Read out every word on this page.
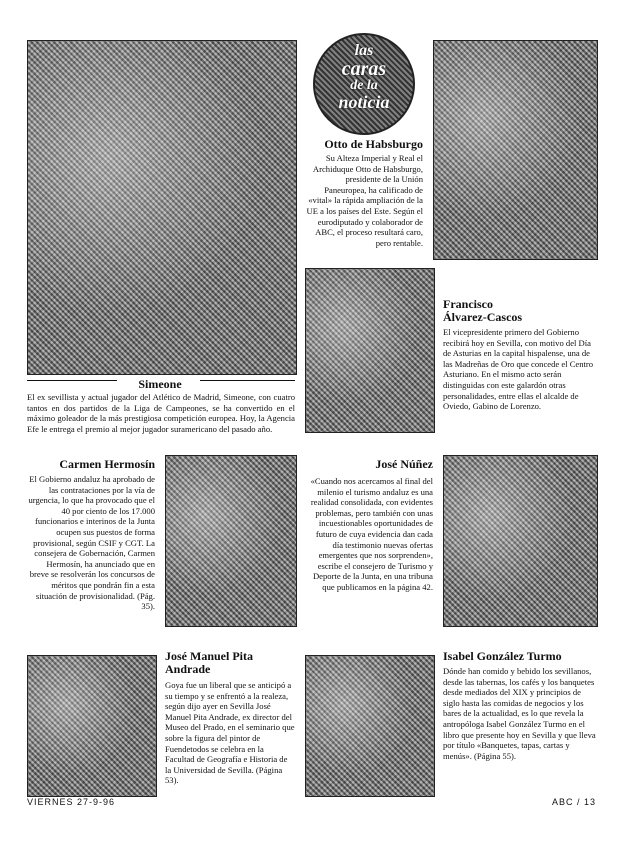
Simeone

El ex sevillista y actual jugador del Atlético de Madrid, Simeone, con cuatro tantos en dos partidos de la Liga de Campeones, se ha convertido en el máximo goleador de la más prestigiosa competición europea. Hoy, la Agencia Efe le entrega el premio al mejor jugador suramericano del pasado año.

las
caras
de la
noticia
Otto de Habsburgo

Su Alteza Imperial y Real el Archiduque Otto de Habsburgo, presidente de la Unión Paneuropea, ha calificado de «vital» la rápida ampliación de la UE a los países del Este. Según el eurodiputado y colaborador de ABC, el proceso resultará caro, pero rentable.

Francisco
Álvarez-Cascos

El vicepresidente primero del Gobierno recibirá hoy en Sevilla, con motivo del Día de Asturias en la capital hispalense, una de las Madreñas de Oro que concede el Centro Asturiano. En el mismo acto serán distinguidas con este galardón otras personalidades, entre ellas el alcalde de Oviedo, Gabino de Lorenzo.

Carmen Hermosín

El Gobierno andaluz ha aprobado de las contrataciones por la vía de urgencia, lo que ha provocado que el 40 por ciento de los 17.000 funcionarios e interinos de la Junta ocupen sus puestos de forma provisional, según CSIF y CGT. La consejera de Gobernación, Carmen Hermosín, ha anunciado que en breve se resolverán los concursos de méritos que pondrán fin a esta situación de provisionalidad. (Pág. 35).

José Núñez

«Cuando nos acercamos al final del milenio el turismo andaluz es una realidad consolidada, con evidentes problemas, pero también con unas incuestionables oportunidades de futuro de cuya evidencia dan cada día testimonio nuevas ofertas emergentes que nos sorprenden», escribe el consejero de Turismo y Deporte de la Junta, en una tribuna que publicamos en la página 42.

José Manuel Pita
Andrade

Goya fue un liberal que se anticipó a su tiempo y se enfrentó a la realeza, según dijo ayer en Sevilla José Manuel Pita Andrade, ex director del Museo del Prado, en el seminario que sobre la figura del pintor de Fuendetodos se celebra en la Facultad de Geografía e Historia de la Universidad de Sevilla. (Página 53).

Isabel González Turmo

Dónde han comido y bebido los sevillanos, desde las tabernas, los cafés y los banquetes desde mediados del XIX y principios de siglo hasta las comidas de negocios y los bares de la actualidad, es lo que revela la antropóloga Isabel González Turmo en el libro que presente hoy en Sevilla y que lleva por título «Banquetes, tapas, cartas y menús». (Página 55).

VIERNES 27-9-96	ABC / 13
